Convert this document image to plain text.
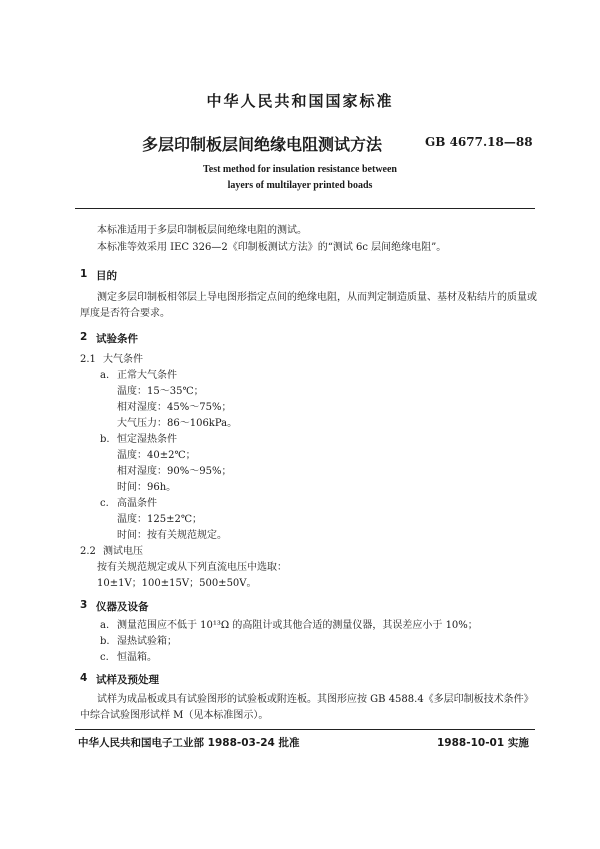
中华人民共和国国家标准
多层印制板层间绝缘电阻测试方法	GB 4677.18—88
Test method for insulation resistance between
layers of multilayer printed boads
本标准适用于多层印制板层间绝缘电阻的测试。
本标准等效采用 IEC 326—2《印制板测试方法》的“测试 6c 层间绝缘电阻”。
1 目的
测定多层印制板相邻层上导电图形指定点间的绝缘电阻，从而判定制造质量、基材及粘结片的质量或厚度是否符合要求。
2 试验条件
2.1 大气条件
a. 正常大气条件
温度：15～35℃；
相对湿度：45%～75%；
大气压力：86～106kPa。
b. 恒定湿热条件
温度：40±2℃；
相对湿度：90%～95%；
时间：96h。
c. 高温条件
温度：125±2℃；
时间：按有关规范规定。
2.2 测试电压
按有关规范规定或从下列直流电压中选取：
10±1V；100±15V；500±50V。
3 仪器及设备
a. 测量范围应不低于 10¹³Ω 的高阻计或其他合适的测量仪器，其误差应小于 10%；
b. 湿热试验箱；
c. 恒温箱。
4 试样及预处理
试样为成品板或具有试验图形的试验板或附连板。其图形应按 GB 4588.4《多层印制板技术条件》
中综合试验图形试样 M（见本标准图示）。
中华人民共和国电子工业部 1988-03-24 批准	1988-10-01 实施
